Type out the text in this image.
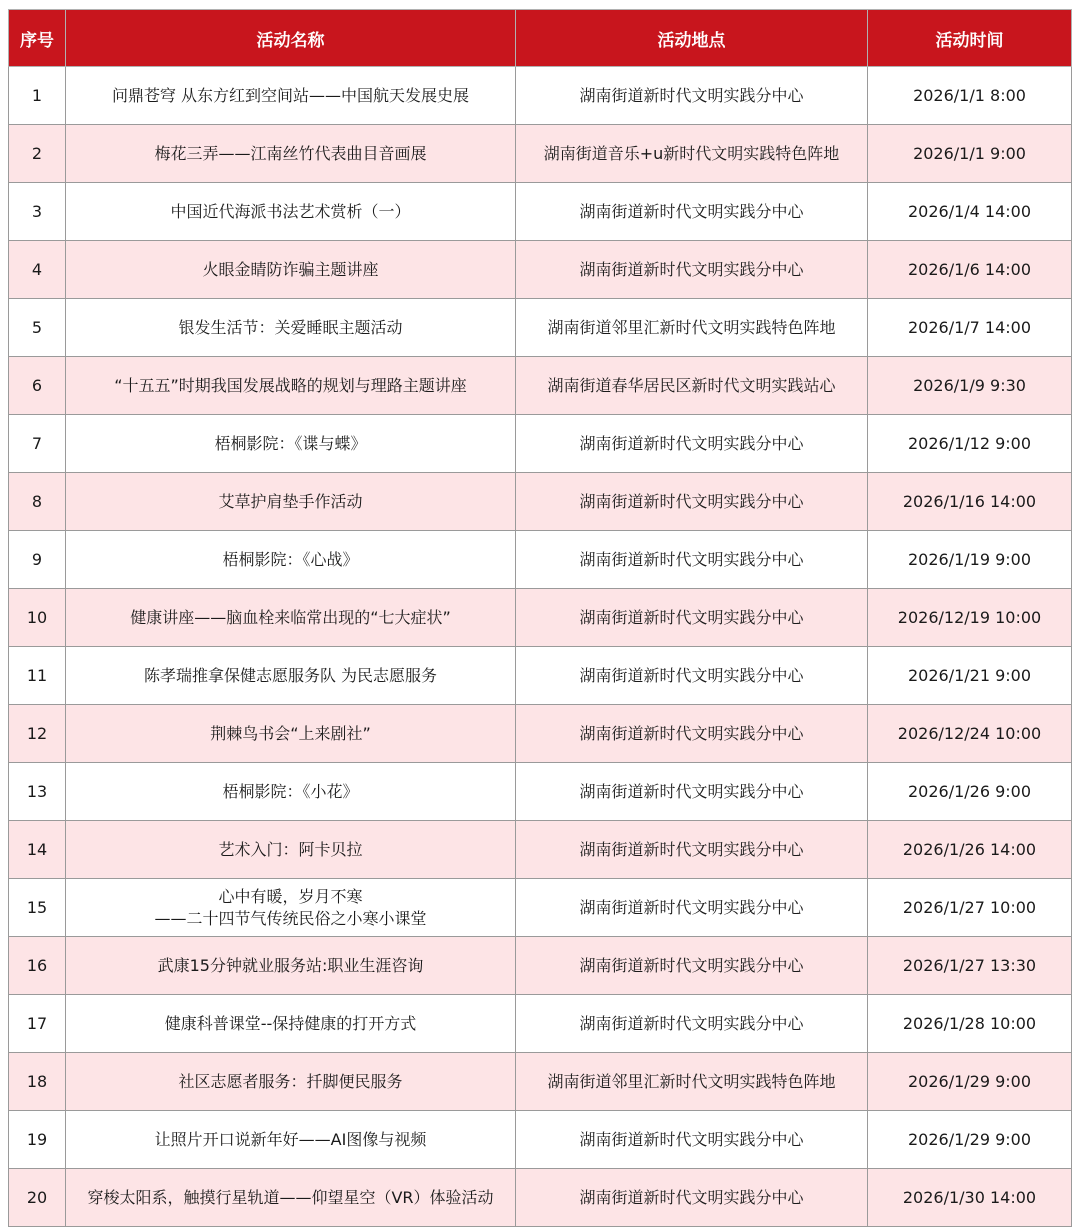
序号	活动名称	活动地点	活动时间
1	问鼎苍穹 从东方红到空间站——中国航天发展史展	湖南街道新时代文明实践分中心	2026/1/1 8:00
2	梅花三弄——江南丝竹代表曲目音画展	湖南街道音乐+u新时代文明实践特色阵地	2026/1/1 9:00
3	中国近代海派书法艺术赏析（一）	湖南街道新时代文明实践分中心	2026/1/4 14:00
4	火眼金睛防诈骗主题讲座	湖南街道新时代文明实践分中心	2026/1/6 14:00
5	银发生活节：关爱睡眠主题活动	湖南街道邻里汇新时代文明实践特色阵地	2026/1/7 14:00
6	“十五五”时期我国发展战略的规划与理路主题讲座	湖南街道春华居民区新时代文明实践站心	2026/1/9 9:30
7	梧桐影院：《谍与蝶》	湖南街道新时代文明实践分中心	2026/1/12 9:00
8	艾草护肩垫手作活动	湖南街道新时代文明实践分中心	2026/1/16 14:00
9	梧桐影院：《心战》	湖南街道新时代文明实践分中心	2026/1/19 9:00
10	健康讲座——脑血栓来临常出现的“七大症状”	湖南街道新时代文明实践分中心	2026/12/19 10:00
11	陈孝瑞推拿保健志愿服务队 为民志愿服务	湖南街道新时代文明实践分中心	2026/1/21 9:00
12	荆棘鸟书会“上来剧社”	湖南街道新时代文明实践分中心	2026/12/24 10:00
13	梧桐影院：《小花》	湖南街道新时代文明实践分中心	2026/1/26 9:00
14	艺术入门：阿卡贝拉	湖南街道新时代文明实践分中心	2026/1/26 14:00
15	心中有暖，岁月不寒
——二十四节气传统民俗之小寒小课堂	湖南街道新时代文明实践分中心	2026/1/27 10:00
16	武康15分钟就业服务站:职业生涯咨询	湖南街道新时代文明实践分中心	2026/1/27 13:30
17	健康科普课堂--保持健康的打开方式	湖南街道新时代文明实践分中心	2026/1/28 10:00
18	社区志愿者服务：扦脚便民服务	湖南街道邻里汇新时代文明实践特色阵地	2026/1/29 9:00
19	让照片开口说新年好——AI图像与视频	湖南街道新时代文明实践分中心	2026/1/29 9:00
20	穿梭太阳系，触摸行星轨道——仰望星空（VR）体验活动	湖南街道新时代文明实践分中心	2026/1/30 14:00
